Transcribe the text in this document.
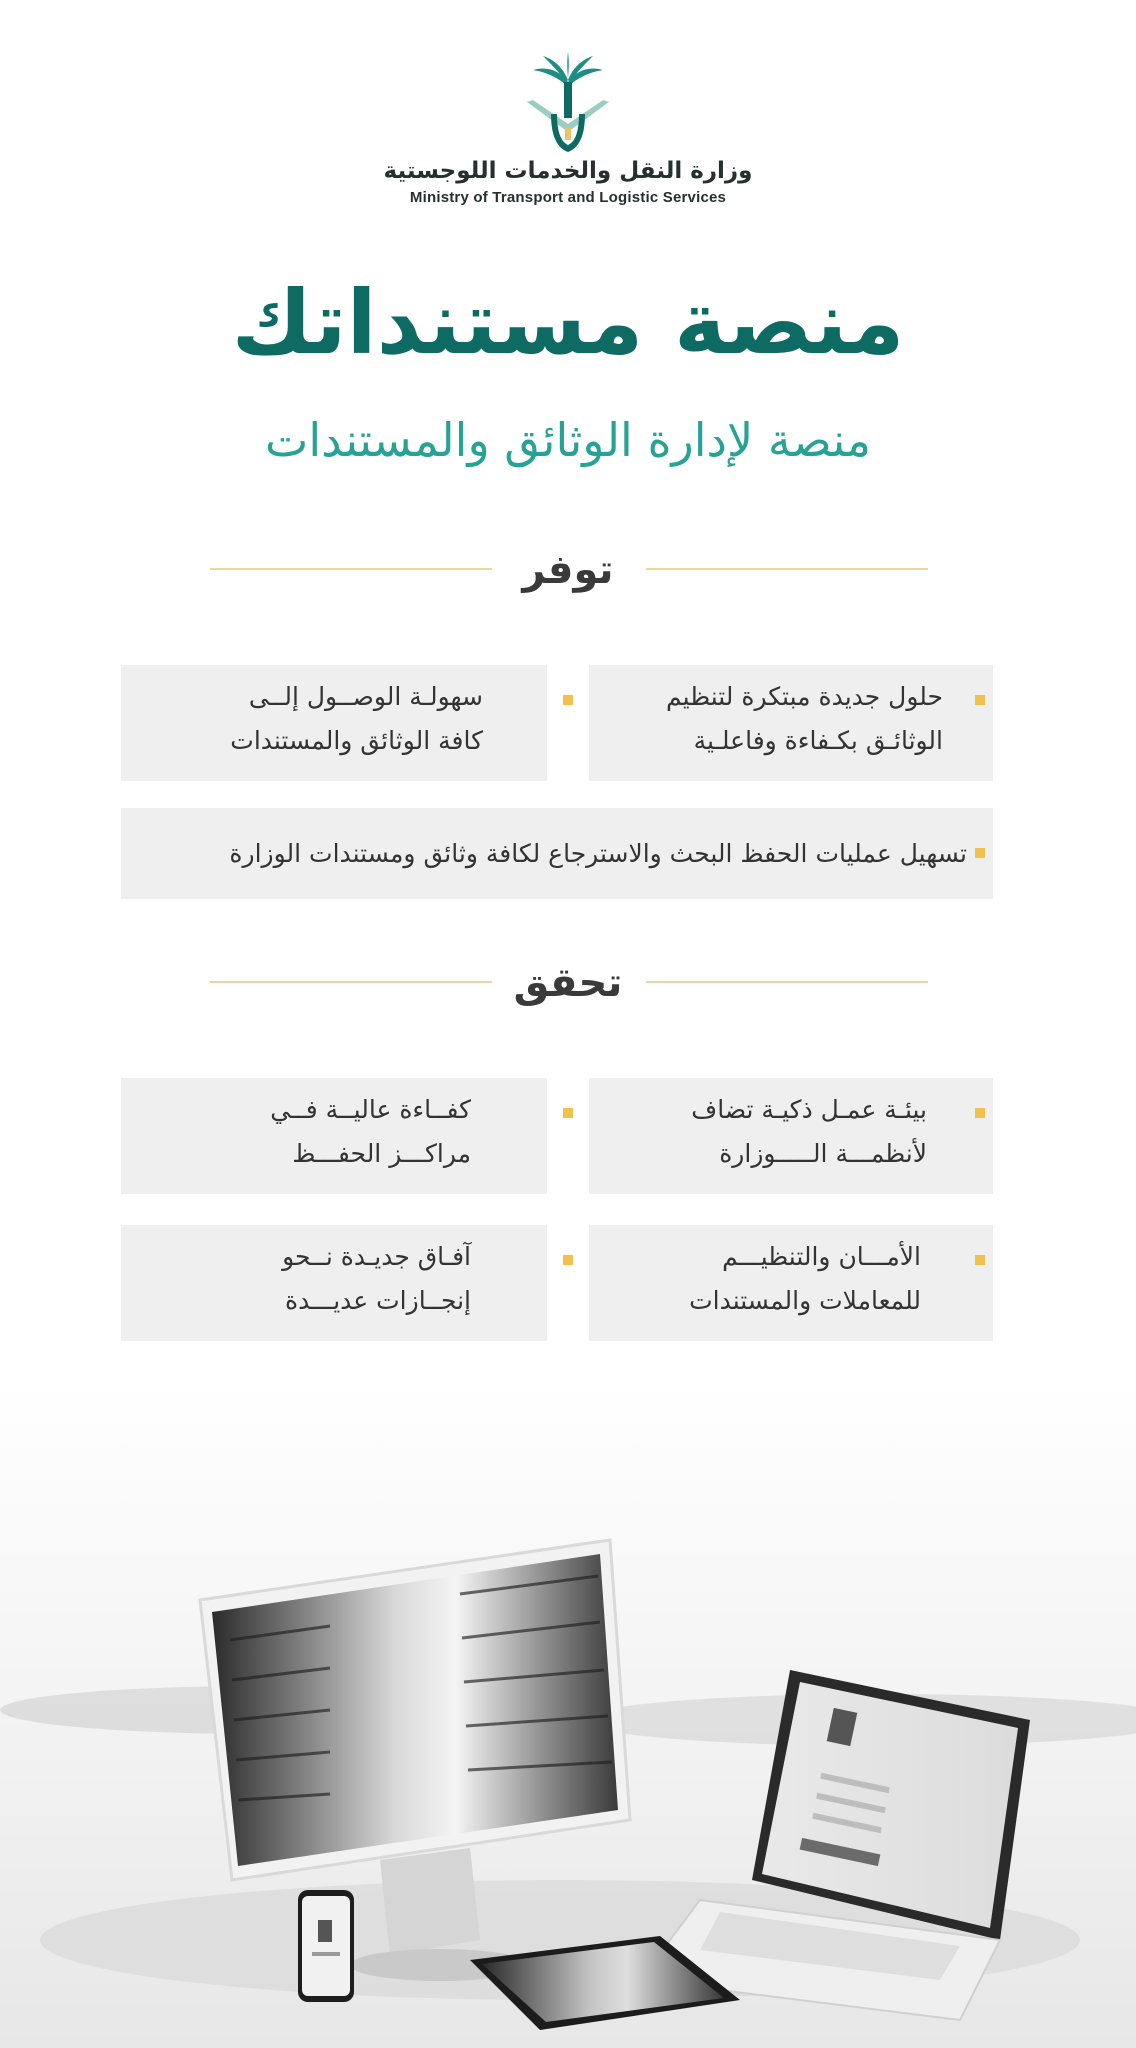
وزارة النقل والخدمات اللوجستية
Ministry of Transport and Logistic Services
منصة مستنداتك
منصة لإدارة الوثائق والمستندات
توفر
حلول جديدة مبتكرة لتنظيم
الوثائـق بكـفاءة وفاعلـية
سهولـة الوصــول إلــى
كافة الوثائق والمستندات
تسهيل عمليات الحفظ البحث والاسترجاع لكافة وثائق ومستندات الوزارة
تحقق
بيئـة عمـل ذكيـة تضاف
لأنظمـــة الـــــوزارة
كفــاءة عاليــة فــي
مراكـــز الحفـــظ
الأمـــان والتنظيـــم
للمعاملات والمستندات
آفـاق جديـدة نــحو
إنجــازات عديـــدة
